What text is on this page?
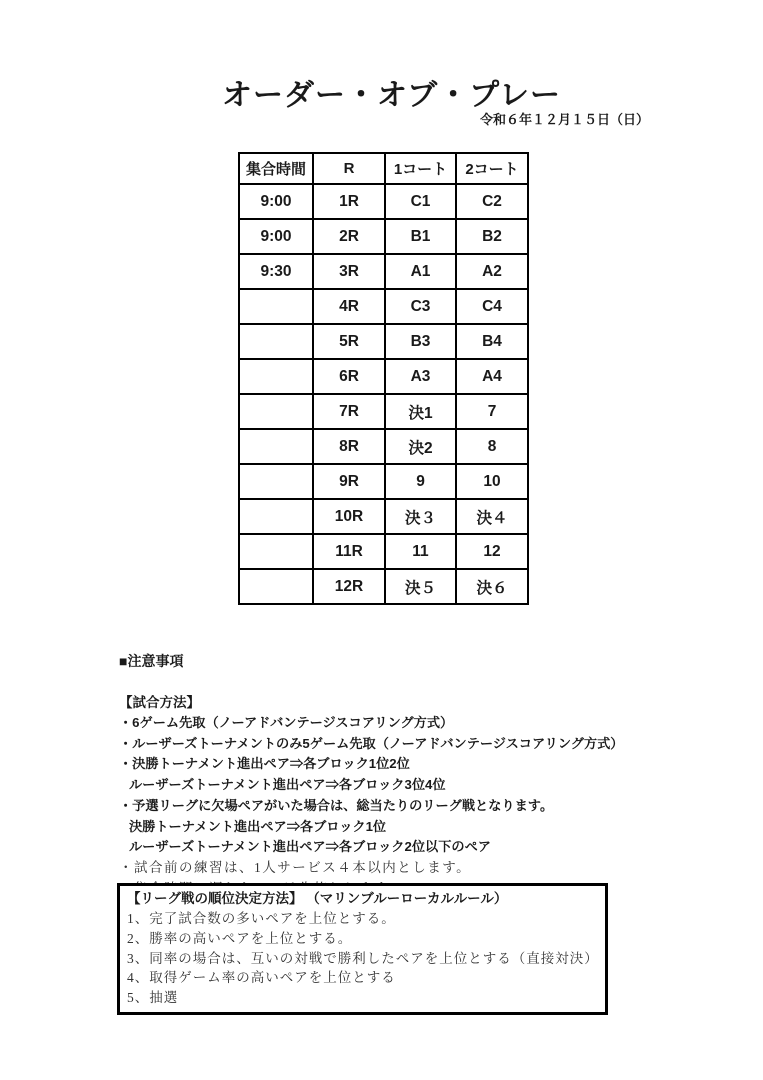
オーダー・オブ・プレー
令和６年１２月１５日（日）
集合時間	R	1コート	2コート
9:00	1R	C1	C2
9:00	2R	B1	B2
9:30	3R	A1	A2
	4R	C3	C4
	5R	B3	B4
	6R	A3	A4
	7R	決1	7
	8R	決2	8
	9R	9	10
	10R	決３	決４
	11R	11	12
	12R	決５	決６
■注意事項
【試合方法】
・6ゲーム先取（ノーアドバンテージスコアリング方式）
・ルーザーズトーナメントのみ5ゲーム先取（ノーアドバンテージスコアリング方式）
・決勝トーナメント進出ペア⇒各ブロック1位2位
ルーザーズトーナメント進出ペア⇒各ブロック3位4位
・予選リーグに欠場ペアがいた場合は、総当たりのリーグ戦となります。
決勝トーナメント進出ペア⇒各ブロック1位
ルーザーズトーナメント進出ペア⇒各ブロック2位以下のペア
・試合前の練習は、1人サービス４本以内とします。
【リーグ戦の順位決定方法】 （マリンブルーローカルルール）
1、完了試合数の多いペアを上位とする。
2、勝率の高いペアを上位とする。
3、同率の場合は、互いの対戦で勝利したペアを上位とする（直接対決）
4、取得ゲーム率の高いペアを上位とする
5、抽選
